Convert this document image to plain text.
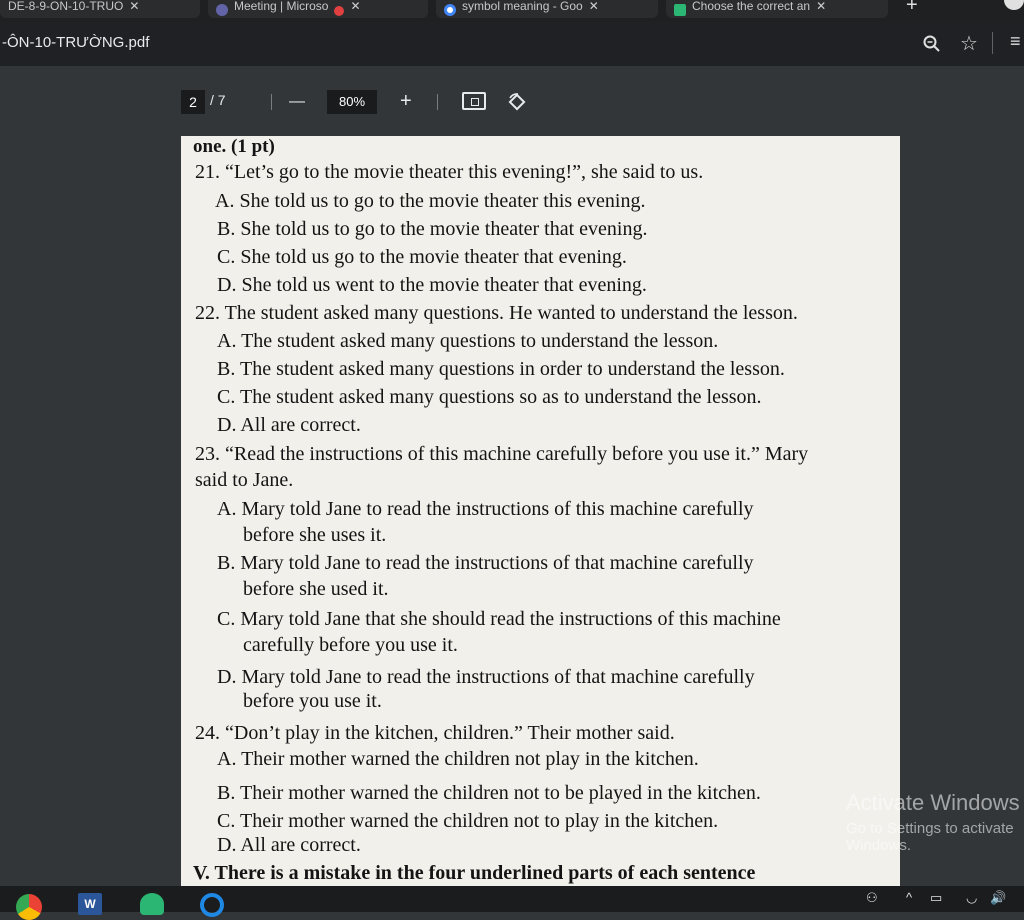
DE-8-9-ON-10-TRUO ✕	Meeting | Microso ✕	symbol meaning - Goo ✕	Choose the correct an ✕	+
-ÔN-10-TRƯỜNG.pdf	☆ ≡
2 / 7	—	80%	+
one. (1 pt)
21. “Let’s go to the movie theater this evening!”, she said to us.
A. She told us to go to the movie theater this evening.
B. She told us to go to the movie theater that evening.
C. She told us go to the movie theater that evening.
D. She told us went to the movie theater that evening.
22. The student asked many questions. He wanted to understand the lesson.
A. The student asked many questions to understand the lesson.
B. The student asked many questions in order to understand the lesson.
C. The student asked many questions so as to understand the lesson.
D. All are correct.
23. “Read the instructions of this machine carefully before you use it.” Mary
said to Jane.
A. Mary told Jane to read the instructions of this machine carefully
before she uses it.
B. Mary told Jane to read the instructions of that machine carefully
before she used it.
C. Mary told Jane that she should read the instructions of this machine
carefully before you use it.
D. Mary told Jane to read the instructions of that machine carefully
before you use it.
24. “Don’t play in the kitchen, children.” Their mother said.
A. Their mother warned the children not play in the kitchen.
B. Their mother warned the children not to be played in the kitchen.
C. Their mother warned the children not to play in the kitchen.
D. All are correct.
V. There is a mistake in the four underlined parts of each sentence
Activate Windows
Go to Settings to activate Windows.
W	⚇ ^ ▭ ◡ 🔊
